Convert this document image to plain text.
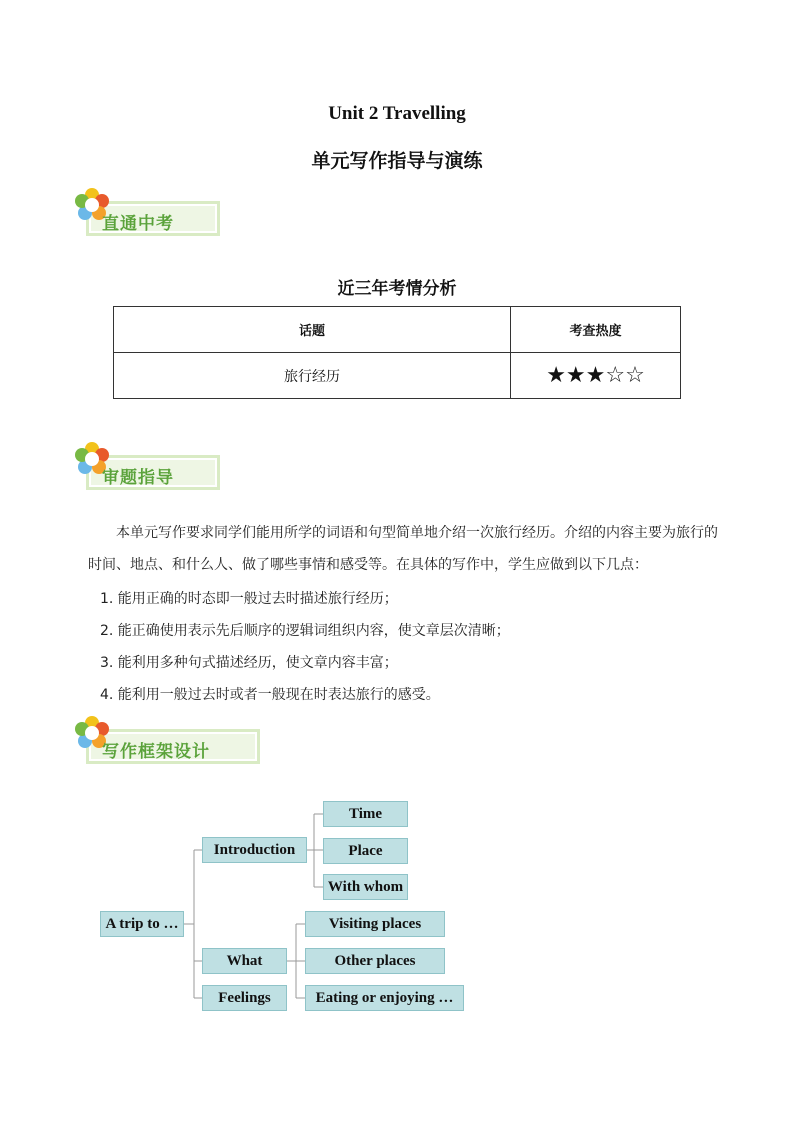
Unit 2 Travelling
单元写作指导与演练
直通中考
近三年考情分析
话题	考查热度
旅行经历	★★★☆☆
审题指导
本单元写作要求同学们能用所学的词语和句型简单地介绍一次旅行经历。介绍的内容主要为旅行的时间、地点、和什么人、做了哪些事情和感受等。在具体的写作中，学生应做到以下几点：
1. 能用正确的时态即一般过去时描述旅行经历；
2. 能正确使用表示先后顺序的逻辑词组织内容，使文章层次清晰；
3. 能利用多种句式描述经历，使文章内容丰富；
4. 能利用一般过去时或者一般现在时表达旅行的感受。
写作框架设计
A trip to …
Introduction
Time
Place
With whom
What
Visiting places
Other places
Feelings	Eating or enjoying …
